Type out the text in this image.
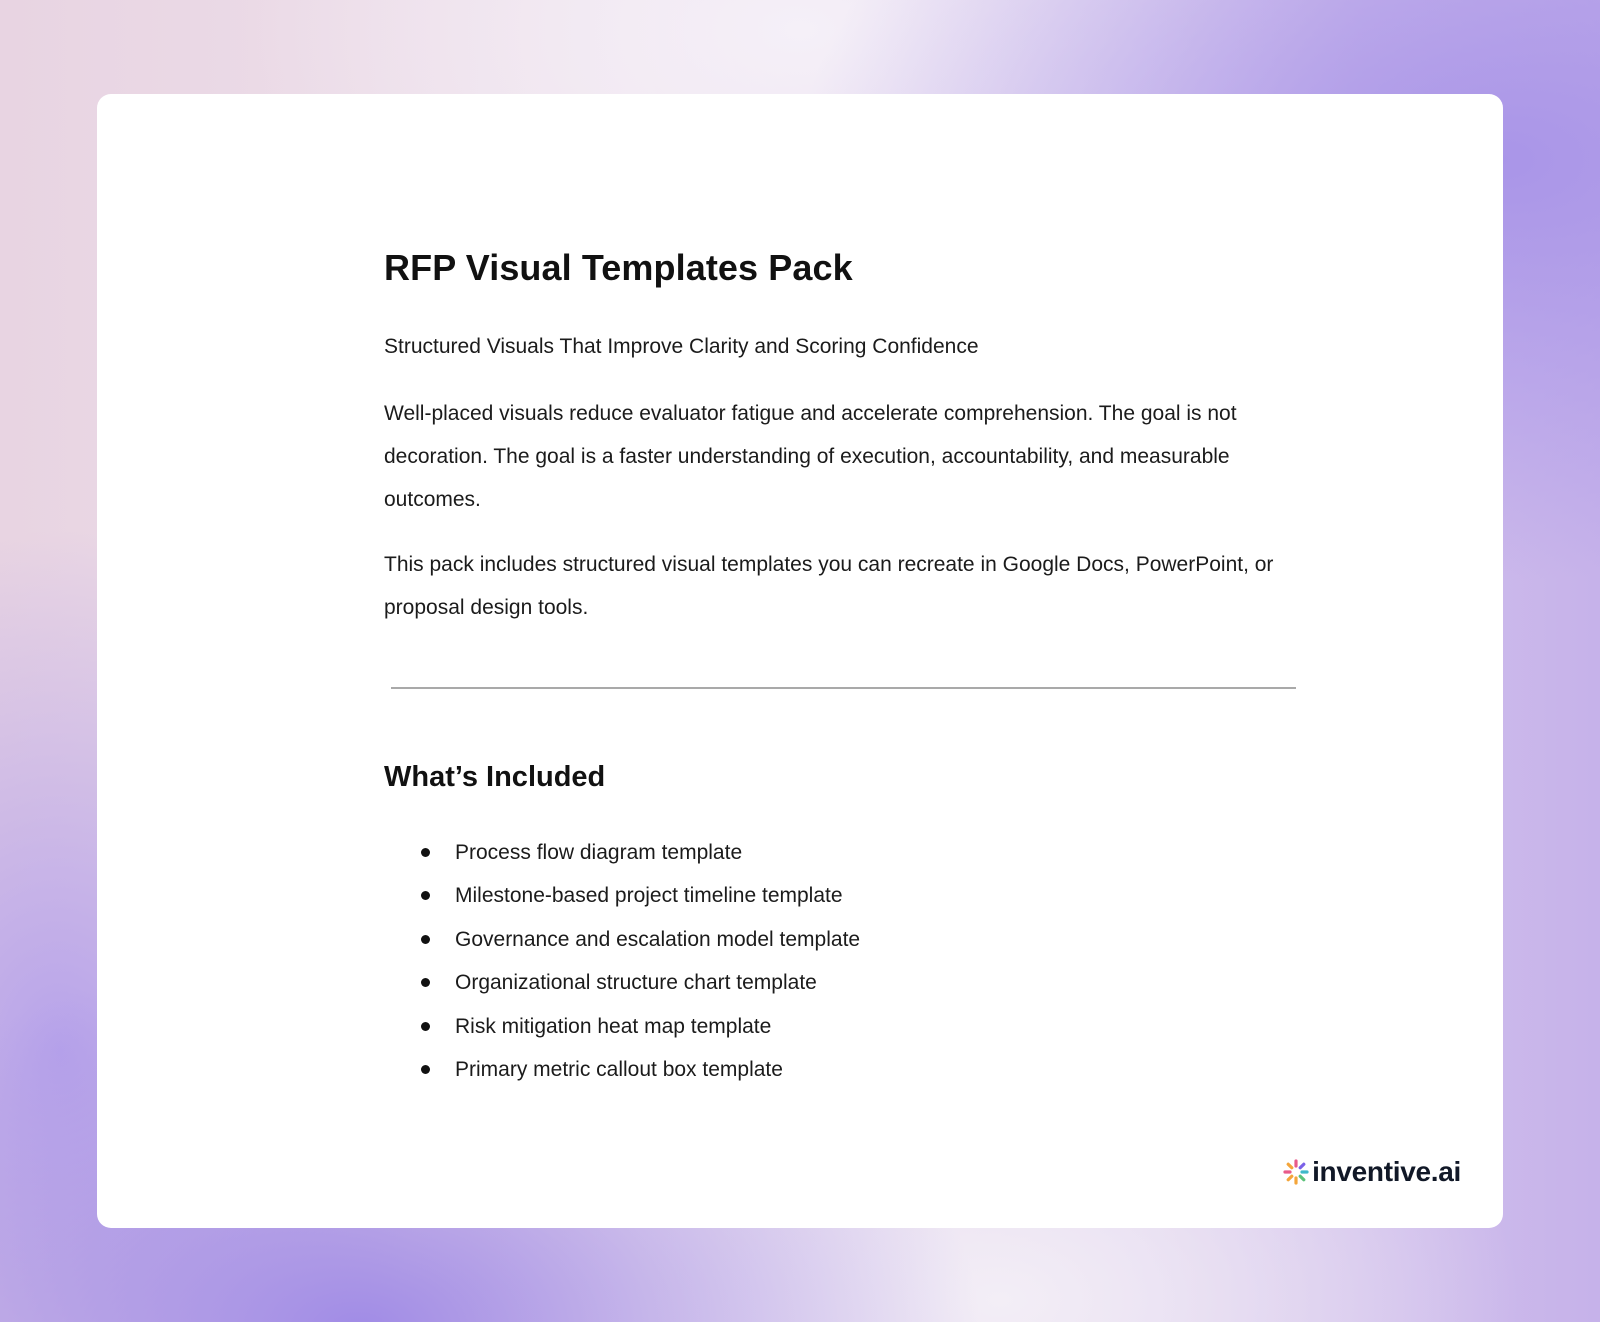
RFP Visual Templates Pack

Structured Visuals That Improve Clarity and Scoring Confidence

Well-placed visuals reduce evaluator fatigue and accelerate comprehension. The goal is not decoration. The goal is a faster understanding of execution, accountability, and measurable outcomes.

This pack includes structured visual templates you can recreate in Google Docs, PowerPoint, or proposal design tools.

What’s Included
Process flow diagram template
Milestone-based project timeline template
Governance and escalation model template
Organizational structure chart template
Risk mitigation heat map template
Primary metric callout box template
inventive.ai
